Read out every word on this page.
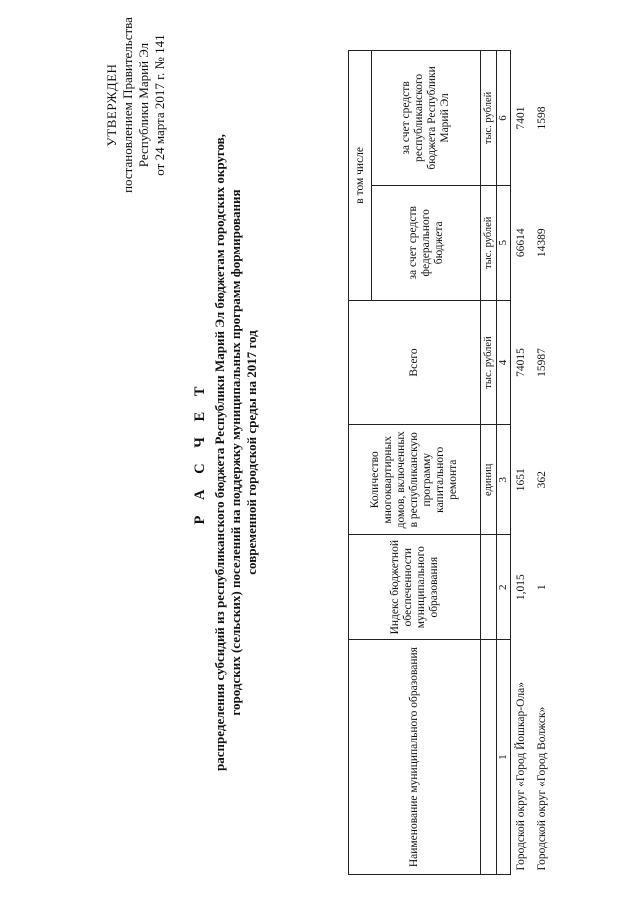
УТВЕРЖДЕН постановлением Правительства Республики Марий Эл от 24 марта 2017 г. № 141
Р А С Ч Е Т распределения субсидий из республиканского бюджета Республики Марий Эл бюджетам городских округов, городских (сельских) поселений на поддержку муниципальных программ формирования современной городской среды на 2017 год
Наименование муниципального образования	Индекс бюджетной обеспеченности муниципального образования	Количество многоквартирных домов, включенных в республиканскую программу капитального ремонта	Всего	в том числе	
				за счет средств федерального бюджета	за счет средств республиканского бюджета Республики Марий Эл
		единиц	тыс. рублей	тыс. рублей	тыс. рублей
1	2	3	4	5	6
Городской округ «Город Йошкар-Ола»	1,015	1651	74015	66614	7401
Городской округ «Город Волжск»	1	362	15987	14389	1598
